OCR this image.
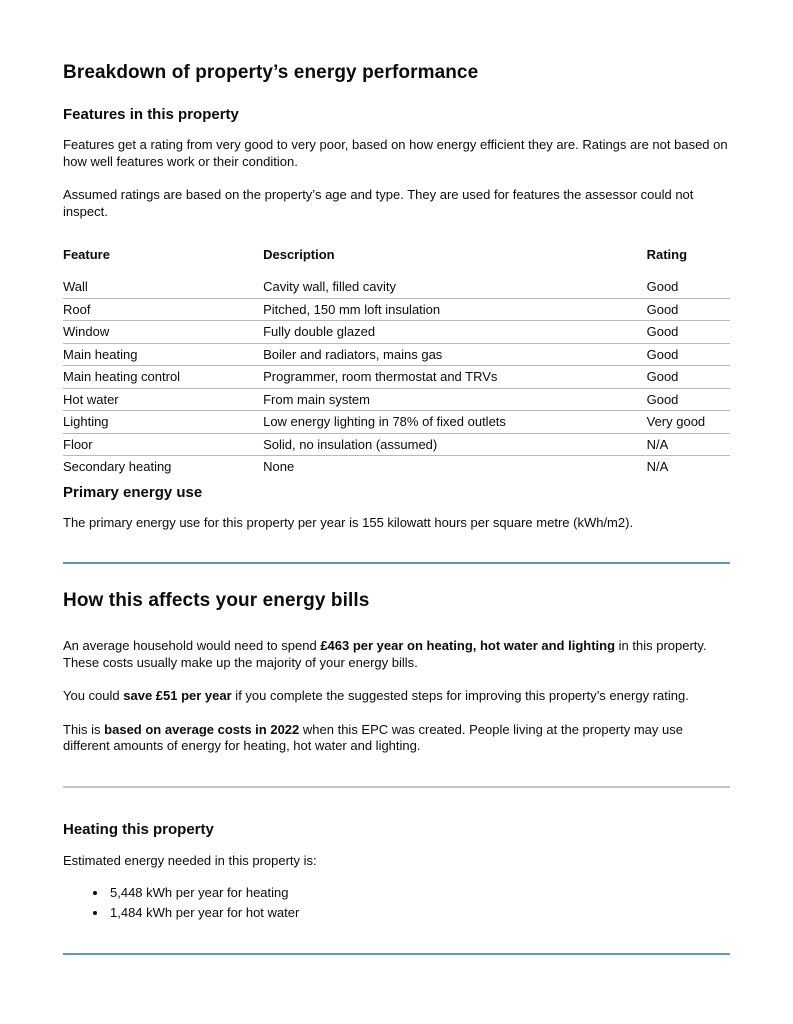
Breakdown of property’s energy performance
Features in this property

Features get a rating from very good to very poor, based on how energy efficient they are. Ratings are not based on how well features work or their condition.

Assumed ratings are based on the property’s age and type. They are used for features the assessor could not inspect.

Feature	Description	Rating
Wall	Cavity wall, filled cavity	Good
Roof	Pitched, 150 mm loft insulation	Good
Window	Fully double glazed	Good
Main heating	Boiler and radiators, mains gas	Good
Main heating control	Programmer, room thermostat and TRVs	Good
Hot water	From main system	Good
Lighting	Low energy lighting in 78% of fixed outlets	Very good
Floor	Solid, no insulation (assumed)	N/A
Secondary heating	None	N/A
Primary energy use

The primary energy use for this property per year is 155 kilowatt hours per square metre (kWh/m2).

How this affects your energy bills

An average household would need to spend £463 per year on heating, hot water and lighting in this property. These costs usually make up the majority of your energy bills.

You could save £51 per year if you complete the suggested steps for improving this property’s energy rating.

This is based on average costs in 2022 when this EPC was created. People living at the property may use different amounts of energy for heating, hot water and lighting.

Heating this property

Estimated energy needed in this property is:

• 5,448 kWh per year for heating
• 1,484 kWh per year for hot water
